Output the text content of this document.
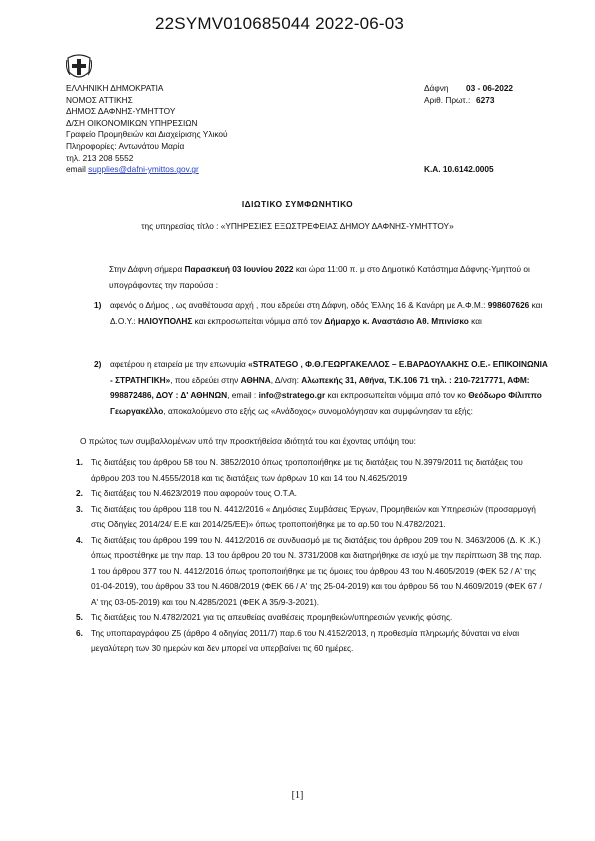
22SYMV010685044 2022-06-03
ΕΛΛΗΝΙΚΗ ΔΗΜΟΚΡΑΤΙΑ
ΝΟΜΟΣ ΑΤΤΙΚΗΣ
ΔΗΜΟΣ ΔΑΦΝΗΣ-ΥΜΗΤΤΟΥ
Δ/ΣΗ ΟΙΚΟΝΟΜΙΚΩΝ ΥΠΗΡΕΣΙΩΝ
Γραφείο Προμηθειών και Διαχείρισης Υλικού
Πληροφορίες: Αντωνάτου Μαρία
τηλ. 213 208 5552
email supplies@dafni-ymittos.gov.gr
Δάφνη 03 - 06-2022
Αριθ. Πρωτ.: 6273
Κ.Α. 10.6142.0005
ΙΔΙΩΤΙΚΟ ΣΥΜΦΩΝΗΤΙΚΟ
της υπηρεσίας τίτλο : «ΥΠΗΡΕΣΙΕΣ ΕΞΩΣΤΡΕΦΕΙΑΣ ΔΗΜΟΥ ΔΑΦΝΗΣ-ΥΜΗΤΤΟΥ»
Στην Δάφνη σήμερα Παρασκευή 03 Ιουνίου 2022 και ώρα 11:00 π. μ στο Δημοτικό Κατάστημα Δάφνης-Υμηττού οι υπογράφοντες την παρούσα :
1) αφενός ο Δήμος , ως αναθέτουσα αρχή , που εδρεύει στη Δάφνη, οδός Έλλης 16 & Κανάρη με Α.Φ.Μ.: 998607626 και Δ.Ο.Υ.: ΗΛΙΟΥΠΟΛΗΣ και εκπροσωπείται νόμιμα από τον Δήμαρχο κ. Αναστάσιο Αθ. Μπινίσκο και
2) αφετέρου η εταιρεία με την επωνυμία «STRATEGO , Φ.Θ.ΓΕΩΡΓΑΚΕΛΛΟΣ – Ε.ΒΑΡΔΟΥΛΑΚΗΣ Ο.Ε.- ΕΠΙΚΟΙΝΩΝΙΑ - ΣΤΡΑΤΗΓΙΚΗ», που εδρεύει στην ΑΘΗΝΑ, Δ/νση: Αλωπεκής 31, Αθήνα, Τ.Κ.106 71 τηλ. : 210-7217771, ΑΦΜ: 998872486, ΔΟΥ : Δ' ΑΘΗΝΩΝ, email : info@stratego.gr και εκπροσωπείται νόμιμα από τον κο Θεόδωρο Φίλιππο Γεωργακέλλο, αποκαλούμενο στο εξής ως «Ανάδοχος» συνομολόγησαν και συμφώνησαν τα εξής:
Ο πρώτος των συμβαλλομένων υπό την προσκτήθείσα ιδιότητά του και έχοντας υπόψη του:
1. Τις διατάξεις του άρθρου 58 του Ν. 3852/2010 όπως τροποποιήθηκε με τις διατάξεις του Ν.3979/2011 τις διατάξεις του άρθρου 203 του Ν.4555/2018 και τις διατάξεις των άρθρων 10 και 14 του Ν.4625/2019
2. Τις διατάξεις του Ν.4623/2019 που αφορούν τους Ο.Τ.Α.
3. Τις διατάξεις του άρθρου 118 του Ν. 4412/2016 « Δημόσιες Συμβάσεις Έργων, Προμηθειών και Υπηρεσιών (προσαρμογή στις Οδηγίες 2014/24/ Ε.Ε και 2014/25/ΕΕ)» όπως τροποποιήθηκε με το αρ.50 του Ν.4782/2021.
4. Τις διατάξεις του άρθρου 199 του Ν. 4412/2016 σε συνδυασμό με τις διατάξεις του άρθρου 209 του Ν. 3463/2006 (Δ. Κ .Κ.) όπως προστέθηκε με την παρ. 13 του άρθρου 20 του Ν. 3731/2008 και διατηρήθηκε σε ισχύ με την περίπτωση 38 της παρ. 1 του άρθρου 377 του Ν. 4412/2016 όπως τροποποιήθηκε με τις όμοιες του άρθρου 43 του Ν.4605/2019 (ΦΕΚ 52 / Α' της 01-04-2019), του άρθρου 33 του Ν.4608/2019 (ΦΕΚ 66 / Α' της 25-04-2019) και του άρθρου 56 του Ν.4609/2019 (ΦΕΚ 67 / Α' της 03-05-2019) και του Ν.4285/2021 (ΦΕΚ Α 35/9-3-2021).
5. Τις διατάξεις του Ν.4782/2021 για τις απευθείας αναθέσεις προμηθειών/υπηρεσιών γενικής φύσης.
6. Της υποπαραγράφου Ζ5 (άρθρο 4 οδηγίας 2011/7) παρ.6 του Ν.4152/2013, η προθεσμία πληρωμής δύναται να είναι μεγαλύτερη των 30 ημερών και δεν μπορεί να υπερβαίνει τις 60 ημέρες.
[1]
